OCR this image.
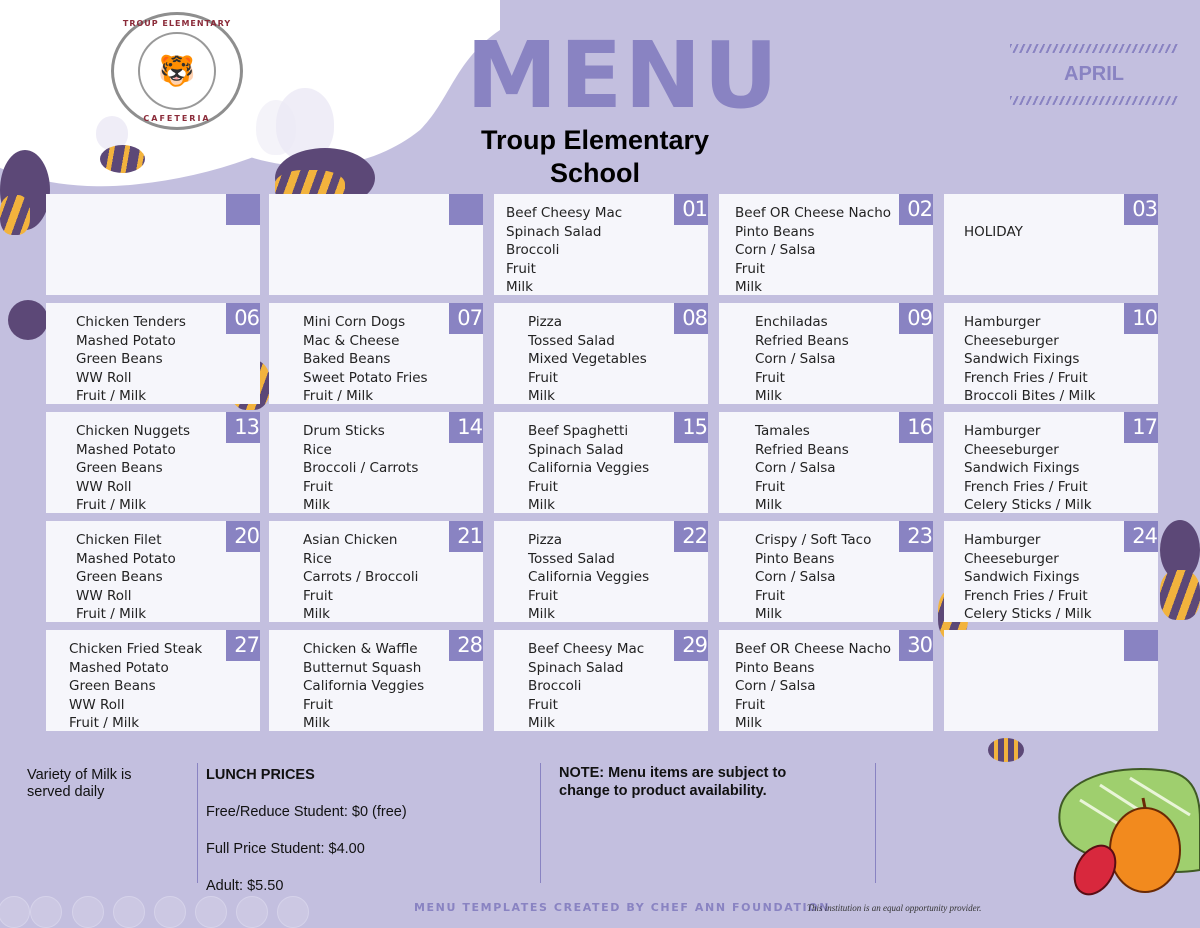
TROUP ELEMENTARY
🐯
CAFETERIA	MENU
Troup Elementary School
APRIL
01
Beef Cheesy Mac
Spinach Salad
Broccoli
Fruit
Milk
02
Beef OR Cheese Nacho
Pinto Beans
Corn / Salsa
Fruit
Milk
03
HOLIDAY
06
Chicken Tenders
Mashed Potato
Green Beans
WW Roll
Fruit / Milk
07
Mini Corn Dogs
Mac & Cheese
Baked Beans
Sweet Potato Fries
Fruit / Milk
08
Pizza
Tossed Salad
Mixed Vegetables
Fruit
Milk
09
Enchiladas
Refried Beans
Corn / Salsa
Fruit
Milk
10
Hamburger
Cheeseburger
Sandwich Fixings
French Fries / Fruit
Broccoli Bites / Milk
13
Chicken Nuggets
Mashed Potato
Green Beans
WW Roll
Fruit / Milk
14
Drum Sticks
Rice
Broccoli / Carrots
Fruit
Milk
15
Beef Spaghetti
Spinach Salad
California Veggies
Fruit
Milk
16
Tamales
Refried Beans
Corn / Salsa
Fruit
Milk
17
Hamburger
Cheeseburger
Sandwich Fixings
French Fries / Fruit
Celery Sticks / Milk
20
Chicken Filet
Mashed Potato
Green Beans
WW Roll
Fruit / Milk
21
Asian Chicken
Rice
Carrots / Broccoli
Fruit
Milk
22
Pizza
Tossed Salad
California Veggies
Fruit
Milk
23
Crispy / Soft Taco
Pinto Beans
Corn / Salsa
Fruit
Milk
24
Hamburger
Cheeseburger
Sandwich Fixings
French Fries / Fruit
Celery Sticks / Milk
27
Chicken Fried Steak
Mashed Potato
Green Beans
WW Roll
Fruit / Milk
28
Chicken & Waffle
Butternut Squash
California Veggies
Fruit
Milk
29
Beef Cheesy Mac
Spinach Salad
Broccoli
Fruit
Milk
30
Beef OR Cheese Nacho
Pinto Beans
Corn / Salsa
Fruit
Milk
Variety of Milk is served daily
LUNCH PRICES
Free/Reduce Student: $0 (free)
Full Price Student: $4.00
Adult: $5.50
NOTE: Menu items are subject to change to product availability.
MENU TEMPLATES CREATED BY CHEF ANN FOUNDATION
This institution is an equal opportunity provider.
